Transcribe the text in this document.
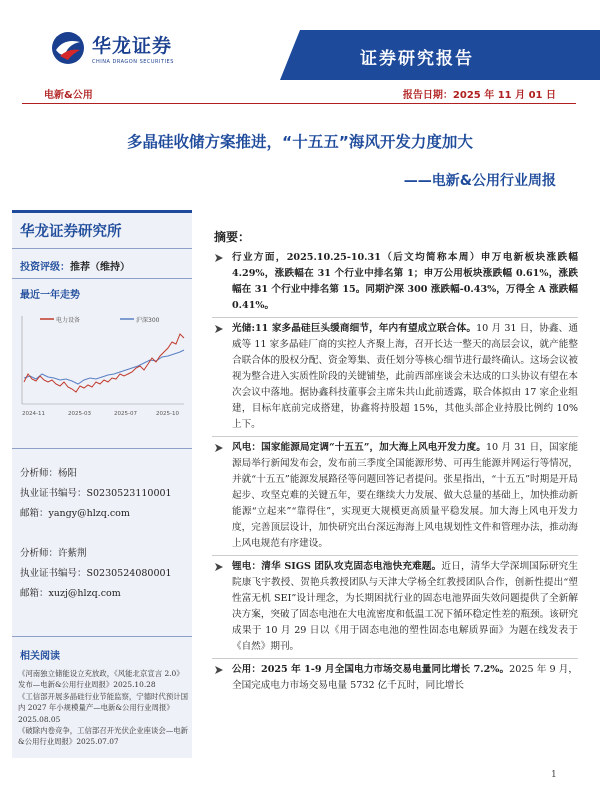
华龙证券
CHINA DRAGON SECURITIES	证券研究报告
电新&公用	报告日期：2025 年 11 月 01 日
多晶硅收储方案推进，“十五五”海风开发力度加大
——电新&公用行业周报
华龙证券研究所
投资评级：推荐（维持）
最近一年走势
电力设备	沪深300
2024-11	2025-03	2025-07	2025-10
分析师：杨阳
执业证书编号：S0230523110001
邮箱：yangy@hlzq.com
分析师：许紫荆
执业证书编号：S0230524080001
邮箱：xuzj@hlzq.com
相关阅读
《河南独立储能设立充放政，《风能北京宣言 2.0》发布—电新&公用行业周报》2025.10.28
《工信部开展多晶硅行业节能监察，宁德时代预计国内 2027 年小规模量产—电新&公用行业周报》2025.08.05
《破除内卷竞争，工信部召开光伏企业座谈会—电新&公用行业周报》2025.07.07
摘要：
行业方面，2025.10.25-10.31（后文均简称本周）申万电新板块涨跌幅 4.29%，涨跌幅在 31 个行业中排名第 1；申万公用板块涨跌幅 0.61%，涨跌幅在 31 个行业中排名第 15。同期沪深 300 涨跌幅-0.43%，万得全 A 涨跌幅 0.41%。
光储:11 家多晶硅巨头缓商细节，年内有望成立联合体。10 月 31 日，协鑫、通威等 11 家多晶硅厂商的实控人齐聚上海，召开长达一整天的高层会议，就产能整合联合体的股权分配、资金筹集、责任划分等核心细节进行最终确认。这场会议被视为整合进入实质性阶段的关键铺垫，此前西部座谈会未达成的口头协议有望在本次会议中落地。据协鑫科技董事会主席朱共山此前透露，联合体拟由 17 家企业组建，目标年底前完成搭建，协鑫将持股超 15%，其他头部企业持股比例约 10%上下。
风电：国家能源局定调“十五五”，加大海上风电开发力度。10 月 31 日，国家能源局举行新闻发布会，发布前三季度全国能源形势、可再生能源并网运行等情况，并就“十五五”能源发展路径等问题回答记者提问。张星指出，“十五五”时期是开局起步、攻坚克难的关键五年，要在继续大力发展、做大总量的基础上，加快推动新能源“立起来”“靠得住”，实现更大规模更高质量平稳发展。加大海上风电开发力度，完善顶层设计，加快研究出台深远海海上风电规划性文件和管理办法，推动海上风电规范有序建设。
锂电：清华 SIGS 团队攻克固态电池快充难题。近日，清华大学深圳国际研究生院康飞宇教授、贺艳兵教授团队与天津大学杨全红教授团队合作，创新性提出“塑性富无机 SEI”设计理念，为长期困扰行业的固态电池界面失效问题提供了全新解决方案，突破了固态电池在大电流密度和低温工况下循环稳定性差的瓶颈。该研究成果于 10 月 29 日以《用于固态电池的塑性固态电解质界面》为题在线发表于《自然》期刊。
公用：2025 年 1-9 月全国电力市场交易电量同比增长 7.2%。2025 年 9 月，全国完成电力市场交易电量 5732 亿千瓦时，同比增长
1
